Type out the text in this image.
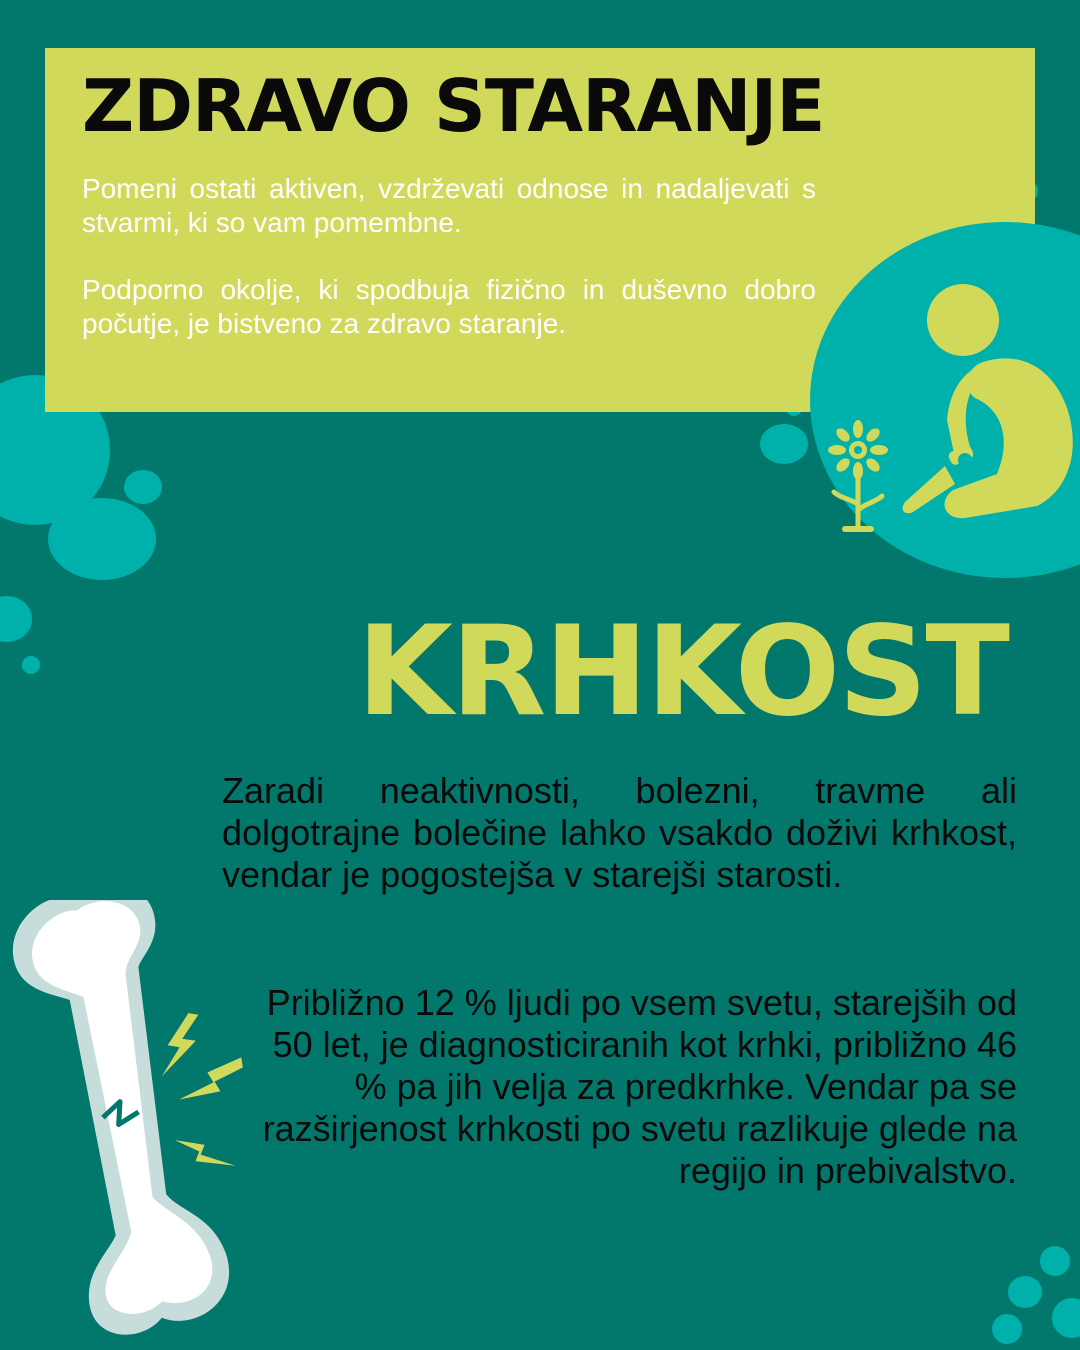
ZDRAVO STARANJE

Pomeni ostati aktiven, vzdrževati odnose in nadaljevati s stvarmi, ki so vam pomembne.

Podporno okolje, ki spodbuja fizično in duševno dobro počutje, je bistveno za zdravo staranje.

KRHKOST

Zaradi neaktivnosti, bolezni, travme ali dolgotrajne bolečine lahko vsakdo doživi krhkost, vendar je pogostejša v starejši starosti.

Približno 12 % ljudi po vsem svetu, starejših od 50 let, je diagnosticiranih kot krhki, približno 46 % pa jih velja za predkrhke. Vendar pa se razširjenost krhkosti po svetu razlikuje glede na regijo in prebivalstvo.
